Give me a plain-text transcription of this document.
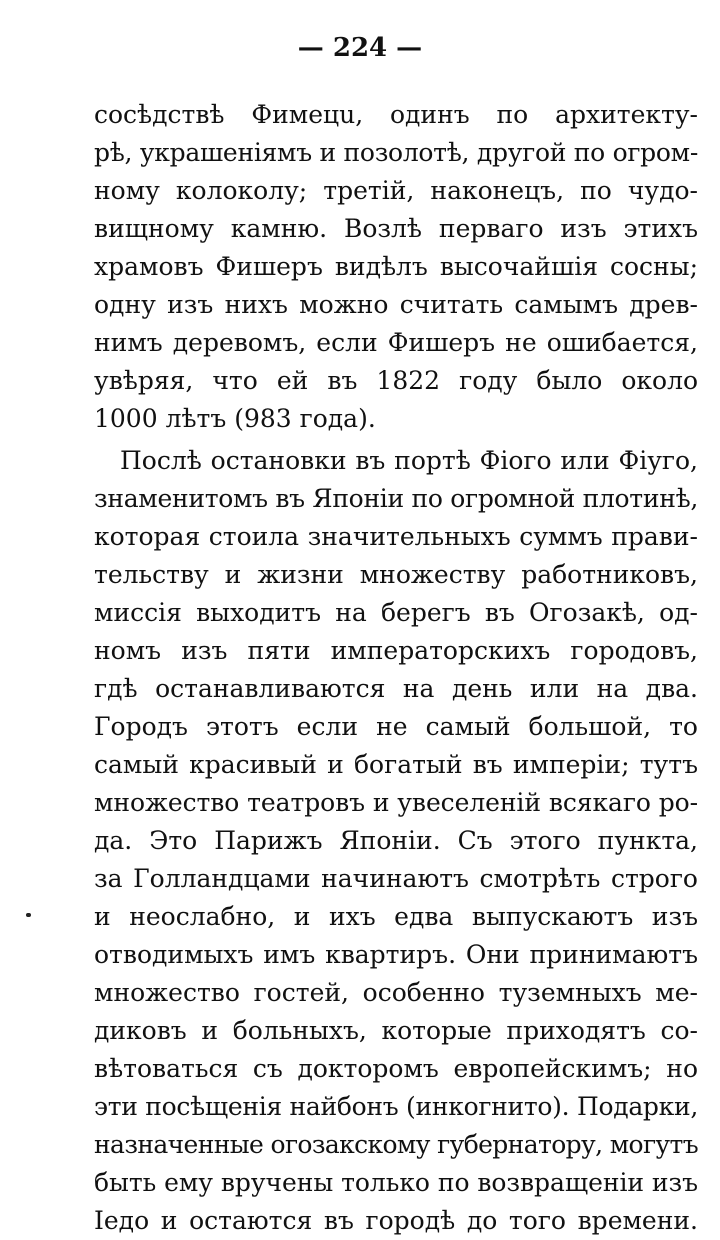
— 224 —
сосѣдствѣ Фимецu, одинъ по архитекту-
рѣ, украшеніямъ и позолотѣ, другой по огром-
ному колоколу; третій, наконецъ, по чудо-
вищному камню. Возлѣ перваго изъ этихъ
храмовъ Фишеръ видѣлъ высочайшія сосны;
одну изъ нихъ можно считать самымъ древ-
нимъ деревомъ, если Фишеръ не ошибается,
увѣряя, что ей въ 1822 году было около
1000 лѣтъ (983 года).
Послѣ остановки въ портѣ Фіого или Фіуго,
знаменитомъ въ Японіи по огромной плотинѣ,
которая стоила значительныхъ суммъ прави-
тельству и жизни множеству работниковъ,
миссія выходитъ на берегъ въ Огозакѣ, од-
номъ изъ пяти императорскихъ городовъ,
гдѣ останавливаются на день или на два.
Городъ этотъ если не самый большой, то
самый красивый и богатый въ имперіи; тутъ
множество театровъ и увеселеній всякаго ро-
да. Это Парижъ Японіи. Съ этого пункта,
за Голландцами начинаютъ смотрѣть строго
и неослабно, и ихъ едва выпускаютъ изъ
отводимыхъ имъ квартиръ. Они принимаютъ
множество гостей, особенно туземныхъ ме-
диковъ и больныхъ, которые приходятъ со-
вѣтоваться съ докторомъ европейскимъ; но
эти посѣщенія найбонъ (инкогнито). Подарки,
назначенные огозакскому губернатору, могутъ
быть ему вручены только по возвращеніи изъ
Іедо и остаются въ городѣ до того времени.
